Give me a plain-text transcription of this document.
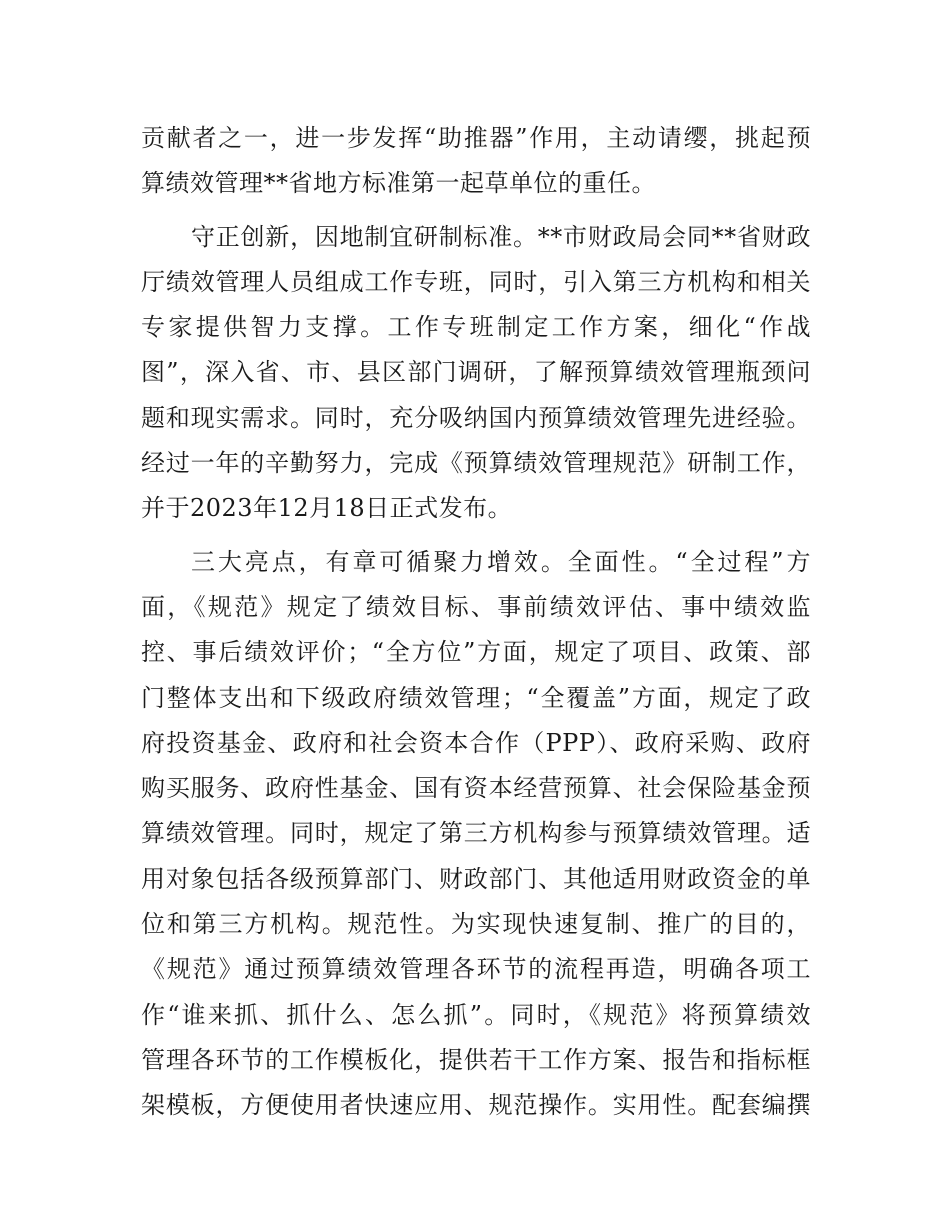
贡献者之一，进一步发挥“助推器”作用，主动请缨，挑起预
算绩效管理**省地方标准第一起草单位的重任。

守正创新，因地制宜研制标准。**市财政局会同**省财政
厅绩效管理人员组成工作专班，同时，引入第三方机构和相关
专家提供智力支撑。工作专班制定工作方案，细化“作战
图”，深入省、市、县区部门调研，了解预算绩效管理瓶颈问
题和现实需求。同时，充分吸纳国内预算绩效管理先进经验。
经过一年的辛勤努力，完成《预算绩效管理规范》研制工作，
并于2023年12月18日正式发布。

三大亮点，有章可循聚力增效。全面性。“全过程”方
面，《规范》规定了绩效目标、事前绩效评估、事中绩效监
控、事后绩效评价；“全方位”方面，规定了项目、政策、部
门整体支出和下级政府绩效管理；“全覆盖”方面，规定了政
府投资基金、政府和社会资本合作（PPP）、政府采购、政府
购买服务、政府性基金、国有资本经营预算、社会保险基金预
算绩效管理。同时，规定了第三方机构参与预算绩效管理。适
用对象包括各级预算部门、财政部门、其他适用财政资金的单
位和第三方机构。规范性。为实现快速复制、推广的目的，
《规范》通过预算绩效管理各环节的流程再造，明确各项工
作“谁来抓、抓什么、怎么抓”。同时，《规范》将预算绩效
管理各环节的工作模板化，提供若干工作方案、报告和指标框
架模板，方便使用者快速应用、规范操作。实用性。配套编撰
